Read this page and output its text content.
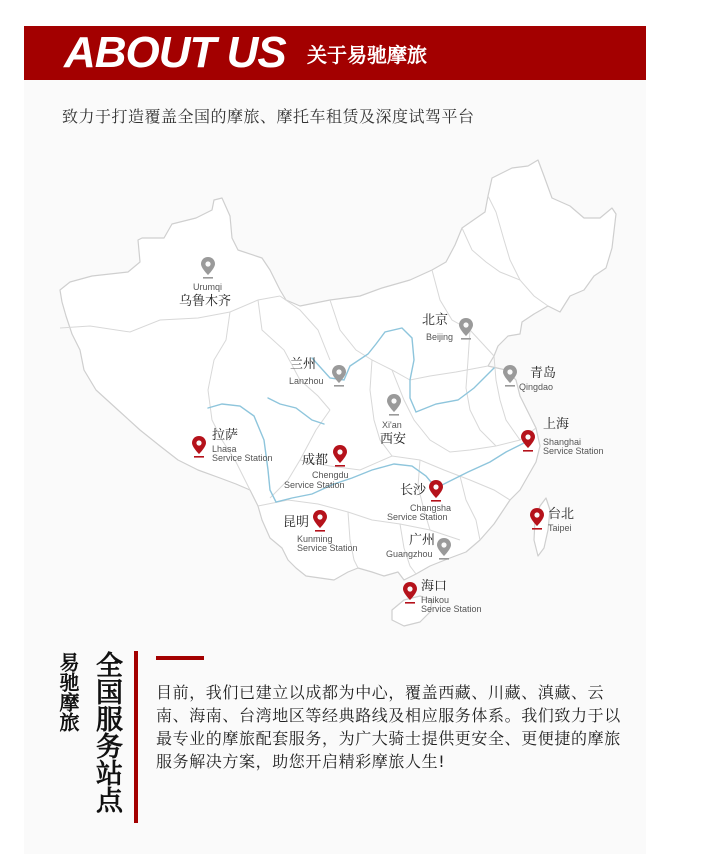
ABOUT US 关于易驰摩旅
致力于打造覆盖全国的摩旅、摩托车租赁及深度试驾平台
Urumqi
乌鲁木齐
北京
Beijing
兰州
Lanzhou	青岛
Qingdao
Xi'an
西安
拉萨
Lhasa
Service Station
上海
Shanghai
Service Station
成都
Chengdu
Service Station	长沙
Changsha
Service Station	台北
Taipei
昆明
Kunming
Service Station	广州
Guangzhou
海口
Haikou
Service Station
易驰摩旅 全国服务站点 目前，我们已建立以成都为中心，覆盖西藏、川藏、滇藏、云南、海南、台湾地区等经典路线及相应服务体系。我们致力于以最专业的摩旅配套服务，为广大骑士提供更安全、更便捷的摩旅服务解决方案，助您开启精彩摩旅人生!
